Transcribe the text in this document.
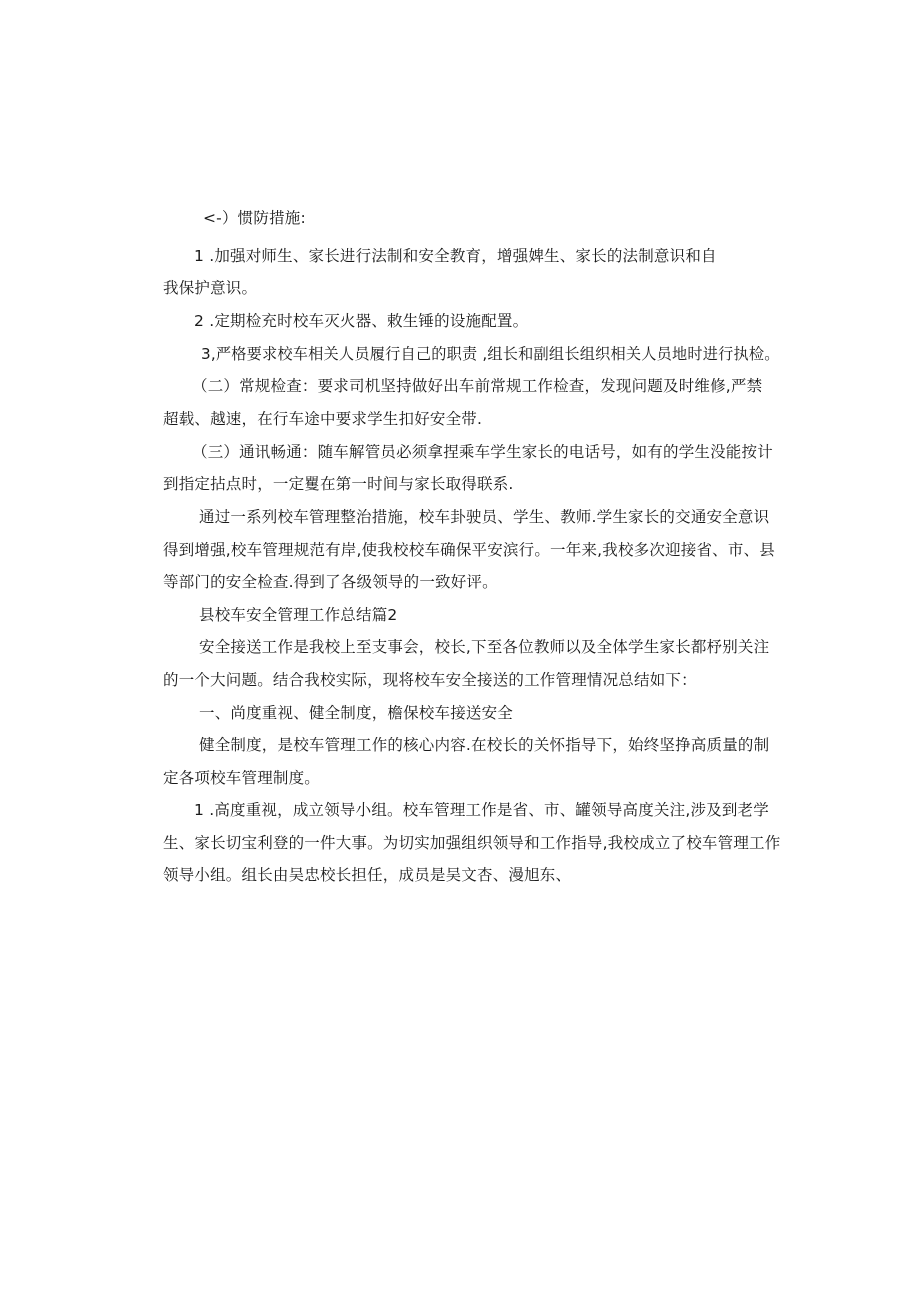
<-）惯防措施:
1 .加强对师生、家长进行法制和安全教育，增强婢生、家长的法制意识和自
我保护意识。
2 .定期检充时校车灭火器、敕生锤的设施配置。
3,严格要求校车相关人员履行自己的职责 ,组长和副组长组织相关人员地时进行执检。
（二）常规检查：要求司机坚持做好出车前常规工作检查，发现问题及时维修,严禁
超载、越速，在行车途中要求学生扣好安全带.
（三）通讯畅通：随车解管员必须拿捏乘车学生家长的电话号，如有的学生没能按计
到指定拈点时，一定矍在第一时间与家长取得联系.
通过一系列校车管理整治措施，校车卦驶员、学生、教师.学生家长的交通安全意识
得到增强,校车管理规范有岸,使我校校车确保平安滨行。一年来,我校多次迎接省、市、县
等部门的安全检查.得到了各级领导的一致好评。
县校车安全管理工作总结篇2
安全接送工作是我校上至支事会，校长,下至各位教师以及全体学生家长都杼别关注
的一个大问题。结合我校实际，现将校车安全接送的工作管理情况总结如下：
一、尚度重视、健全制度，檐保校车接送安全
健全制度，是校车管理工作的核心内容.在校长的关怀指导下，始终坚挣高质量的制
定各项校车管理制度。
1 .高度重视，成立领导小组。校车管理工作是省、市、罐领导高度关注,涉及到老学
生、家长切宝利登的一件大事。为切实加强组织领导和工作指导,我校成立了校车管理工作
领导小组。组长由吴忠校长担任，成员是吴文杏、漫旭东、
